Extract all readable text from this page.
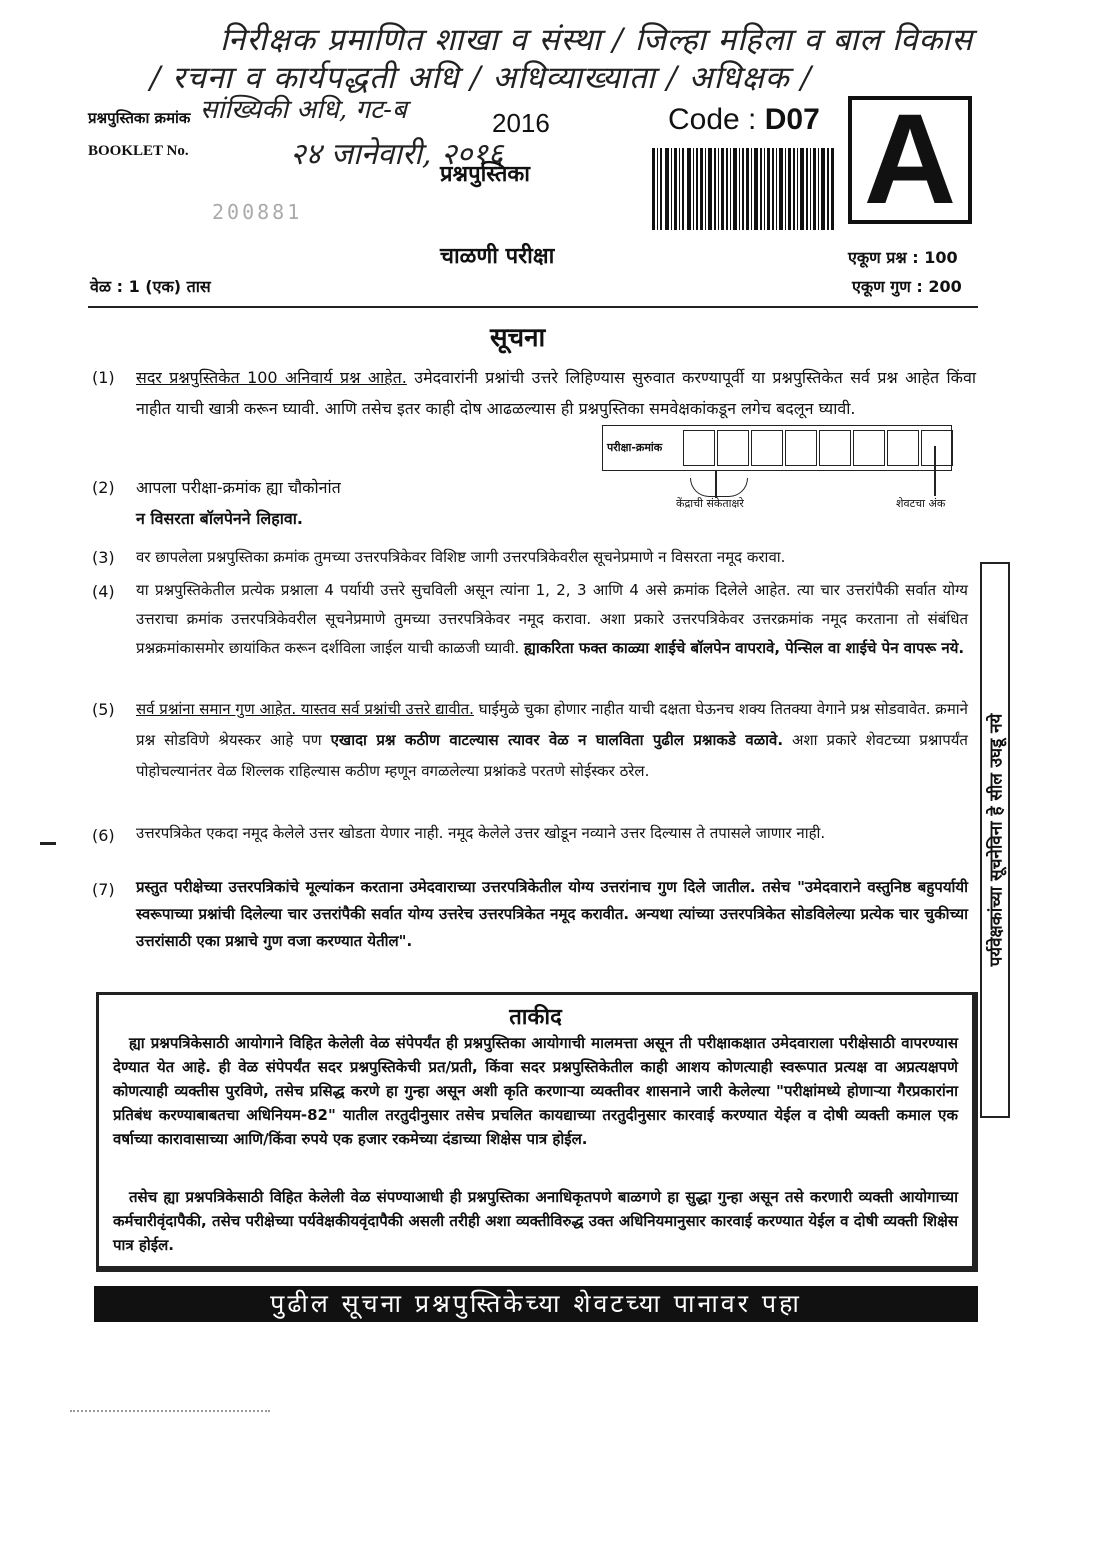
निरीक्षक प्रमाणित शाखा व संस्था / जिल्हा महिला व बाल विकास
/ रचना व कार्यपद्धती अधि / अधिव्याख्याता / अधिक्षक /
सांख्यिकी अधि, गट-ब
२४ जानेवारी, २०१६
प्रश्नपुस्तिका क्रमांक
BOOKLET No.
2016	Code : D07 A
प्रश्नपुस्तिका
200881
चाळणी परीक्षा	एकूण प्रश्न : 100
वेळ : 1 (एक) तास	एकूण गुण : 200
सूचना
(1) सदर प्रश्नपुस्तिकेत 100 अनिवार्य प्रश्न आहेत. उमेदवारांनी प्रश्नांची उत्तरे लिहिण्यास सुरुवात करण्यापूर्वी या प्रश्नपुस्तिकेत सर्व प्रश्न आहेत किंवा नाहीत याची खात्री करून घ्यावी. आणि तसेच इतर काही दोष आढळल्यास ही प्रश्नपुस्तिका समवेक्षकांकडून लगेच बदलून घ्यावी.
परीक्षा-क्रमांक
केंद्राची संकेताक्षरे	शेवटचा अंक
(2) आपला परीक्षा-क्रमांक ह्या चौकोनांत
न विसरता बॉलपेनने लिहावा.
(3) वर छापलेला प्रश्नपुस्तिका क्रमांक तुमच्या उत्तरपत्रिकेवर विशिष्ट जागी उत्तरपत्रिकेवरील सूचनेप्रमाणे न विसरता नमूद करावा.
(4) या प्रश्नपुस्तिकेतील प्रत्येक प्रश्नाला 4 पर्यायी उत्तरे सुचविली असून त्यांना 1, 2, 3 आणि 4 असे क्रमांक दिलेले आहेत. त्या चार उत्तरांपैकी सर्वात योग्य उत्तराचा क्रमांक उत्तरपत्रिकेवरील सूचनेप्रमाणे तुमच्या उत्तरपत्रिकेवर नमूद करावा. अशा प्रकारे उत्तरपत्रिकेवर उत्तरक्रमांक नमूद करताना तो संबंधित प्रश्नक्रमांकासमोर छायांकित करून दर्शविला जाईल याची काळजी घ्यावी. ह्याकरिता फक्त काळ्या शाईचे बॉलपेन वापरावे, पेन्सिल वा शाईचे पेन वापरू नये.
(5) सर्व प्रश्नांना समान गुण आहेत. यास्तव सर्व प्रश्नांची उत्तरे द्यावीत. घाईमुळे चुका होणार नाहीत याची दक्षता घेऊनच शक्य तितक्या वेगाने प्रश्न सोडवावेत. क्रमाने प्रश्न सोडविणे श्रेयस्कर आहे पण एखादा प्रश्न कठीण वाटल्यास त्यावर वेळ न घालविता पुढील प्रश्नाकडे वळावे. अशा प्रकारे शेवटच्या प्रश्नापर्यंत पोहोचल्यानंतर वेळ शिल्लक राहिल्यास कठीण म्हणून वगळलेल्या प्रश्नांकडे परतणे सोईस्कर ठरेल.
(6) उत्तरपत्रिकेत एकदा नमूद केलेले उत्तर खोडता येणार नाही. नमूद केलेले उत्तर खोडून नव्याने उत्तर दिल्यास ते तपासले जाणार नाही.
(7) प्रस्तुत परीक्षेच्या उत्तरपत्रिकांचे मूल्यांकन करताना उमेदवाराच्या उत्तरपत्रिकेतील योग्य उत्तरांनाच गुण दिले जातील. तसेच "उमेदवाराने वस्तुनिष्ठ बहुपर्यायी स्वरूपाच्या प्रश्नांची दिलेल्या चार उत्तरांपैकी सर्वात योग्य उत्तरेच उत्तरपत्रिकेत नमूद करावीत. अन्यथा त्यांच्या उत्तरपत्रिकेत सोडविलेल्या प्रत्येक चार चुकीच्या उत्तरांसाठी एका प्रश्नाचे गुण वजा करण्यात येतील".	पर्यवेक्षकांच्या सूचनेविना हे सील उघडू नये
ताकीद
ह्या प्रश्नपत्रिकेसाठी आयोगाने विहित केलेली वेळ संपेपर्यंत ही प्रश्नपुस्तिका आयोगाची मालमत्ता असून ती परीक्षाकक्षात उमेदवाराला परीक्षेसाठी वापरण्यास देण्यात येत आहे. ही वेळ संपेपर्यंत सदर प्रश्नपुस्तिकेची प्रत/प्रती, किंवा सदर प्रश्नपुस्तिकेतील काही आशय कोणत्याही स्वरूपात प्रत्यक्ष वा अप्रत्यक्षपणे कोणत्याही व्यक्तीस पुरविणे, तसेच प्रसिद्ध करणे हा गुन्हा असून अशी कृति करणाऱ्या व्यक्तीवर शासनाने जारी केलेल्या "परीक्षांमध्ये होणाऱ्या गैरप्रकारांना प्रतिबंध करण्याबाबतचा अधिनियम-82" यातील तरतुदीनुसार तसेच प्रचलित कायद्याच्या तरतुदीनुसार कारवाई करण्यात येईल व दोषी व्यक्ती कमाल एक वर्षाच्या कारावासाच्या आणि/किंवा रुपये एक हजार रकमेच्या दंडाच्या शिक्षेस पात्र होईल.
तसेच ह्या प्रश्नपत्रिकेसाठी विहित केलेली वेळ संपण्याआधी ही प्रश्नपुस्तिका अनाधिकृतपणे बाळगणे हा सुद्धा गुन्हा असून तसे करणारी व्यक्ती आयोगाच्या कर्मचारीवृंदापैकी, तसेच परीक्षेच्या पर्यवेक्षकीयवृंदापैकी असली तरीही अशा व्यक्तीविरुद्ध उक्त अधिनियमानुसार कारवाई करण्यात येईल व दोषी व्यक्ती शिक्षेस पात्र होईल.
पुढील सूचना प्रश्नपुस्तिकेच्या शेवटच्या पानावर पहा
